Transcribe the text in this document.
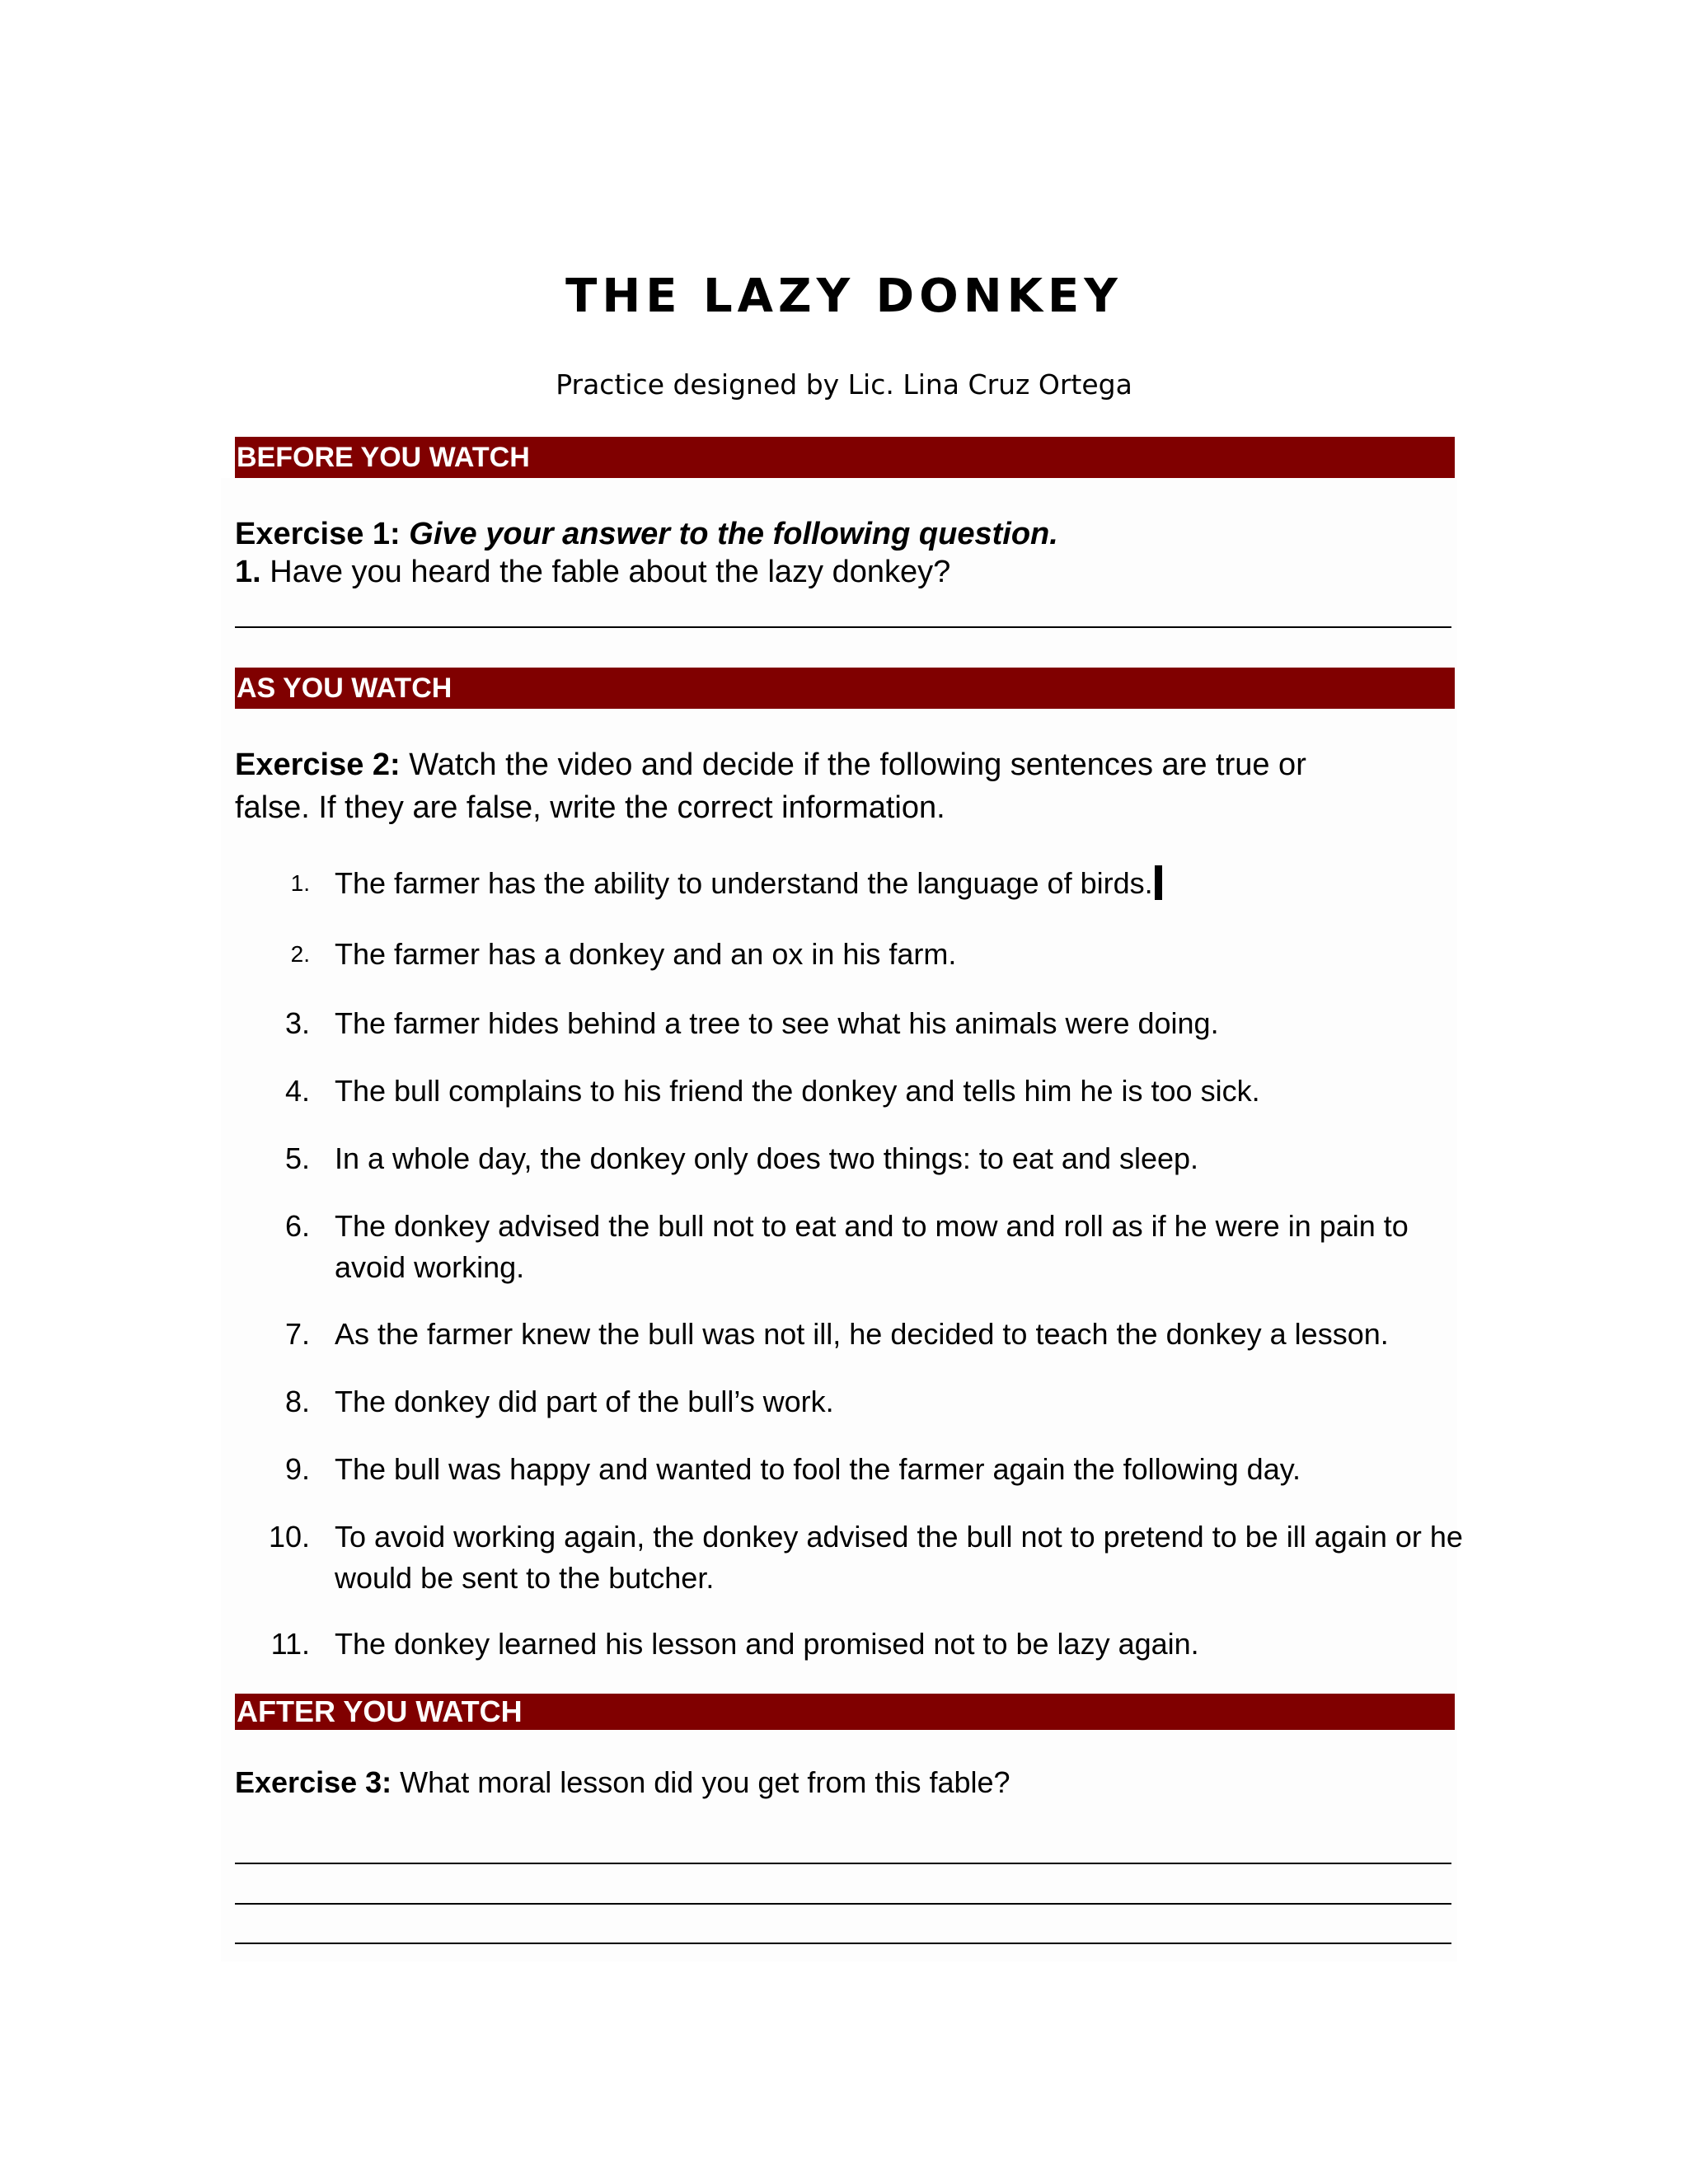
THE LAZY DONKEY
Practice designed by Lic. Lina Cruz Ortega
BEFORE YOU WATCH
Exercise 1: Give your answer to the following question.
1. Have you heard the fable about the lazy donkey?
AS YOU WATCH
Exercise 2: Watch the video and decide if the following sentences are true or
false. If they are false, write the correct information.
1. The farmer has the ability to understand the language of birds.
2. The farmer has a donkey and an ox in his farm.
3. The farmer hides behind a tree to see what his animals were doing.
4. The bull complains to his friend the donkey and tells him he is too sick.
5. In a whole day, the donkey only does two things: to eat and sleep.
6. The donkey advised the bull not to eat and to mow and roll as if he were in pain to avoid working.
7. As the farmer knew the bull was not ill, he decided to teach the donkey a lesson.
8. The donkey did part of the bull’s work.
9. The bull was happy and wanted to fool the farmer again the following day.
10. To avoid working again, the donkey advised the bull not to pretend to be ill again or he would be sent to the butcher.
11. The donkey learned his lesson and promised not to be lazy again.
AFTER YOU WATCH
Exercise 3: What moral lesson did you get from this fable?
